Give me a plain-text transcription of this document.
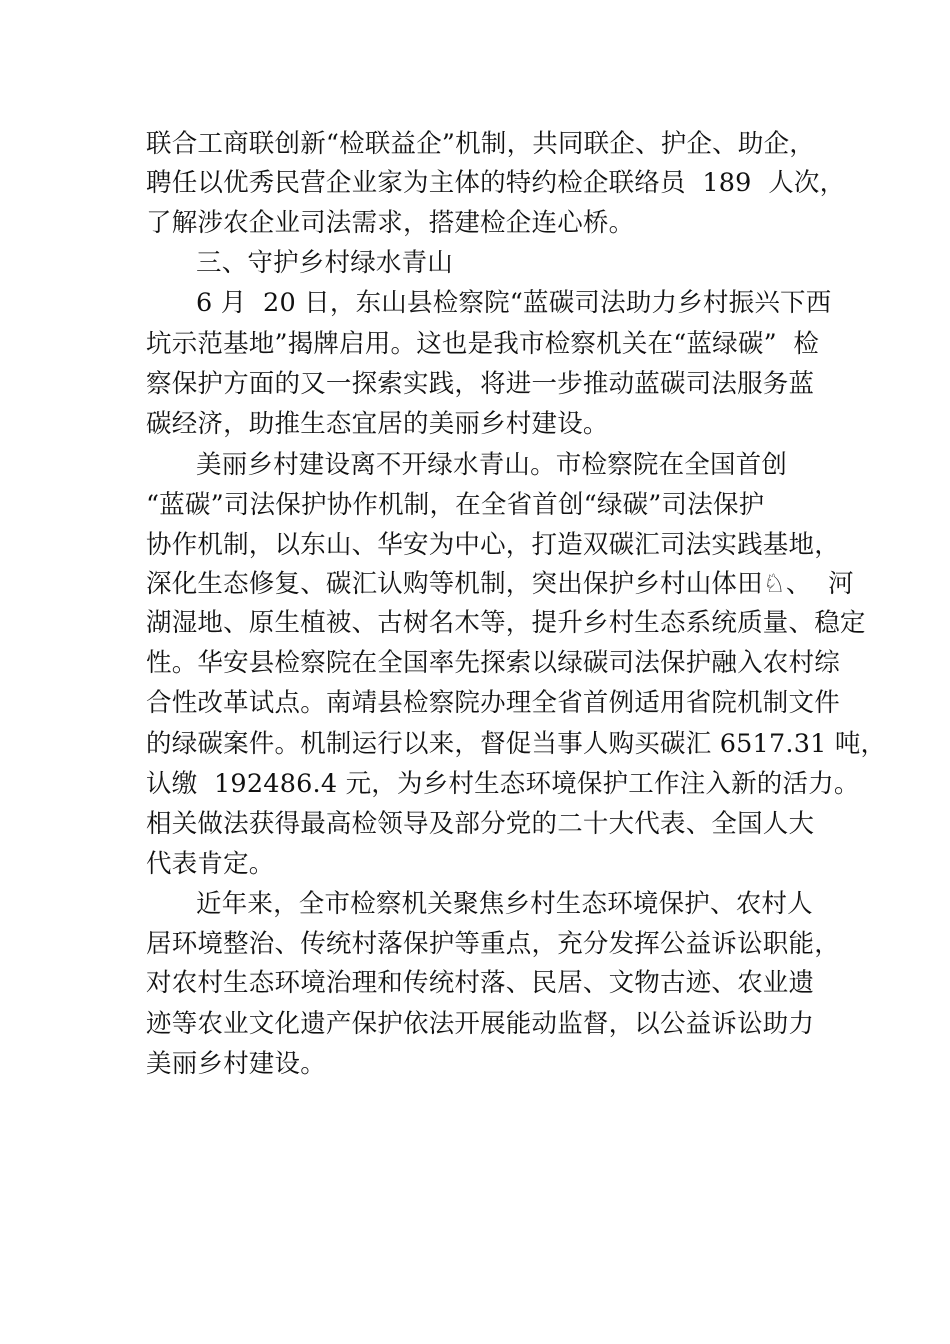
联合工商联创新“检联益企”机制，共同联企、护企、助企，
聘任以优秀民营企业家为主体的特约检企联络员  189  人次，
了解涉农企业司法需求，搭建检企连心桥。
三、守护乡村绿水青山
6 月  20 日，东山县检察院“蓝碳司法助力乡村振兴下西
坑示范基地”揭牌启用。这也是我市检察机关在“蓝绿碳”  检
察保护方面的又一探索实践，将进一步推动蓝碳司法服务蓝
碳经济，助推生态宜居的美丽乡村建设。
美丽乡村建设离不开绿水青山。市检察院在全国首创
“蓝碳”司法保护协作机制，在全省首创“绿碳”司法保护
协作机制，以东山、华安为中心，打造双碳汇司法实践基地，
深化生态修复、碳汇认购等机制，突出保护乡村山体田♘、  河
湖湿地、原生植被、古树名木等，提升乡村生态系统质量、稳定
性。华安县检察院在全国率先探索以绿碳司法保护融入农村综
合性改革试点。南靖县检察院办理全省首例适用省院机制文件
的绿碳案件。机制运行以来，督促当事人购买碳汇 6517.31 吨，
认缴  192486.4 元，为乡村生态环境保护工作注入新的活力。
相关做法获得最高检领导及部分党的二十大代表、全国人大
代表肯定。
近年来，全市检察机关聚焦乡村生态环境保护、农村人
居环境整治、传统村落保护等重点，充分发挥公益诉讼职能，
对农村生态环境治理和传统村落、民居、文物古迹、农业遗
迹等农业文化遗产保护依法开展能动监督，以公益诉讼助力
美丽乡村建设。
